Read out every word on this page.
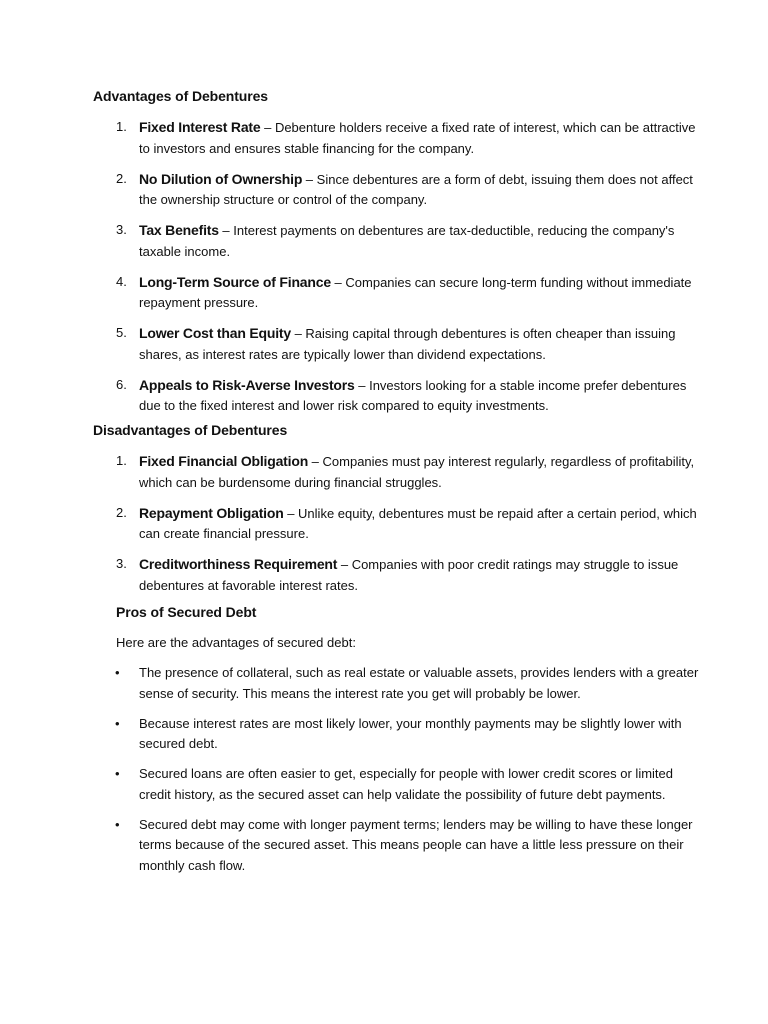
Advantages of Debentures
1. Fixed Interest Rate – Debenture holders receive a fixed rate of interest, which can be attractive to investors and ensures stable financing for the company.
2. No Dilution of Ownership – Since debentures are a form of debt, issuing them does not affect the ownership structure or control of the company.
3. Tax Benefits – Interest payments on debentures are tax-deductible, reducing the company's taxable income.
4. Long-Term Source of Finance – Companies can secure long-term funding without immediate repayment pressure.
5. Lower Cost than Equity – Raising capital through debentures is often cheaper than issuing shares, as interest rates are typically lower than dividend expectations.
6. Appeals to Risk-Averse Investors – Investors looking for a stable income prefer debentures due to the fixed interest and lower risk compared to equity investments.
Disadvantages of Debentures
1. Fixed Financial Obligation – Companies must pay interest regularly, regardless of profitability, which can be burdensome during financial struggles.
2. Repayment Obligation – Unlike equity, debentures must be repaid after a certain period, which can create financial pressure.
3. Creditworthiness Requirement – Companies with poor credit ratings may struggle to issue debentures at favorable interest rates.
Pros of Secured Debt

Here are the advantages of secured debt:

• The presence of collateral, such as real estate or valuable assets, provides lenders with a greater sense of security. This means the interest rate you get will probably be lower.
• Because interest rates are most likely lower, your monthly payments may be slightly lower with secured debt.
• Secured loans are often easier to get, especially for people with lower credit scores or limited credit history, as the secured asset can help validate the possibility of future debt payments.
• Secured debt may come with longer payment terms; lenders may be willing to have these longer terms because of the secured asset. This means people can have a little less pressure on their monthly cash flow.
